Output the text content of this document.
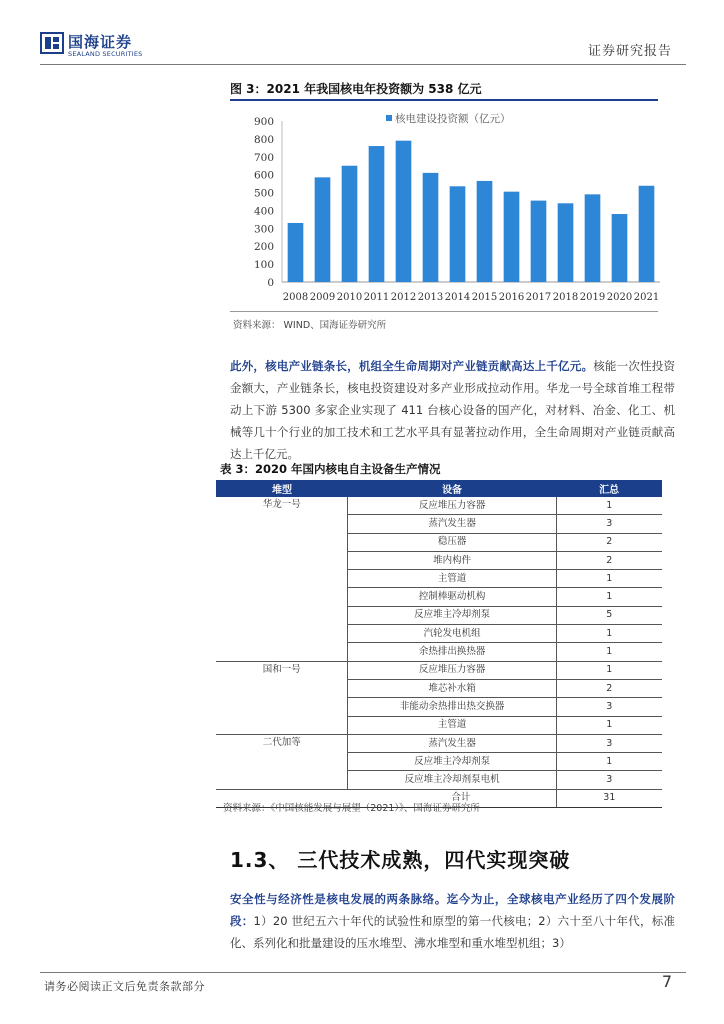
国海证券
SEALAND SECURITIES	证券研究报告
图 3：2021 年我国核电年投资额为 538 亿元
0
100
200
300
400
500
600
700
800
900
2008 2009 2010 2011 2012 2013 2014 2015 2016 2017 2018 2019 2020 2021
核电建设投资额（亿元）
资料来源： WIND、国海证券研究所
此外，核电产业链条长，机组全生命周期对产业链贡献高达上千亿元。核能一次性投资金额大，产业链条长，核电投资建设对多产业形成拉动作用。华龙一号全球首堆工程带动上下游 5300 多家企业实现了 411 台核心设备的国产化，对材料、冶金、化工、机械等几十个行业的加工技术和工艺水平具有显著拉动作用，全生命周期对产业链贡献高达上千亿元。
表 3：2020 年国内核电自主设备生产情况
堆型	设备	汇总
华龙一号	反应堆压力容器	1
	蒸汽发生器	3
	稳压器	2
	堆内构件	2
	主管道	1
	控制棒驱动机构	1
	反应堆主冷却剂泵	5
	汽轮发电机组	1
	余热排出换热器	1
国和一号	反应堆压力容器	1
	堆芯补水箱	2
	非能动余热排出热交换器	3
	主管道	1
二代加等	蒸汽发生器	3
	反应堆主冷却剂泵	1
	反应堆主冷却剂泵电机	3
合计		31
资料来源：《中国核能发展与展望（2021）》、国海证券研究所
1.3、 三代技术成熟，四代实现突破
安全性与经济性是核电发展的两条脉络。迄今为止，全球核电产业经历了四个发展阶段：1）20 世纪五六十年代的试验性和原型的第一代核电；2）六十至八十年代，标准化、系列化和批量建设的压水堆型、沸水堆型和重水堆型机组；3）
请务必阅读正文后免责条款部分	7
